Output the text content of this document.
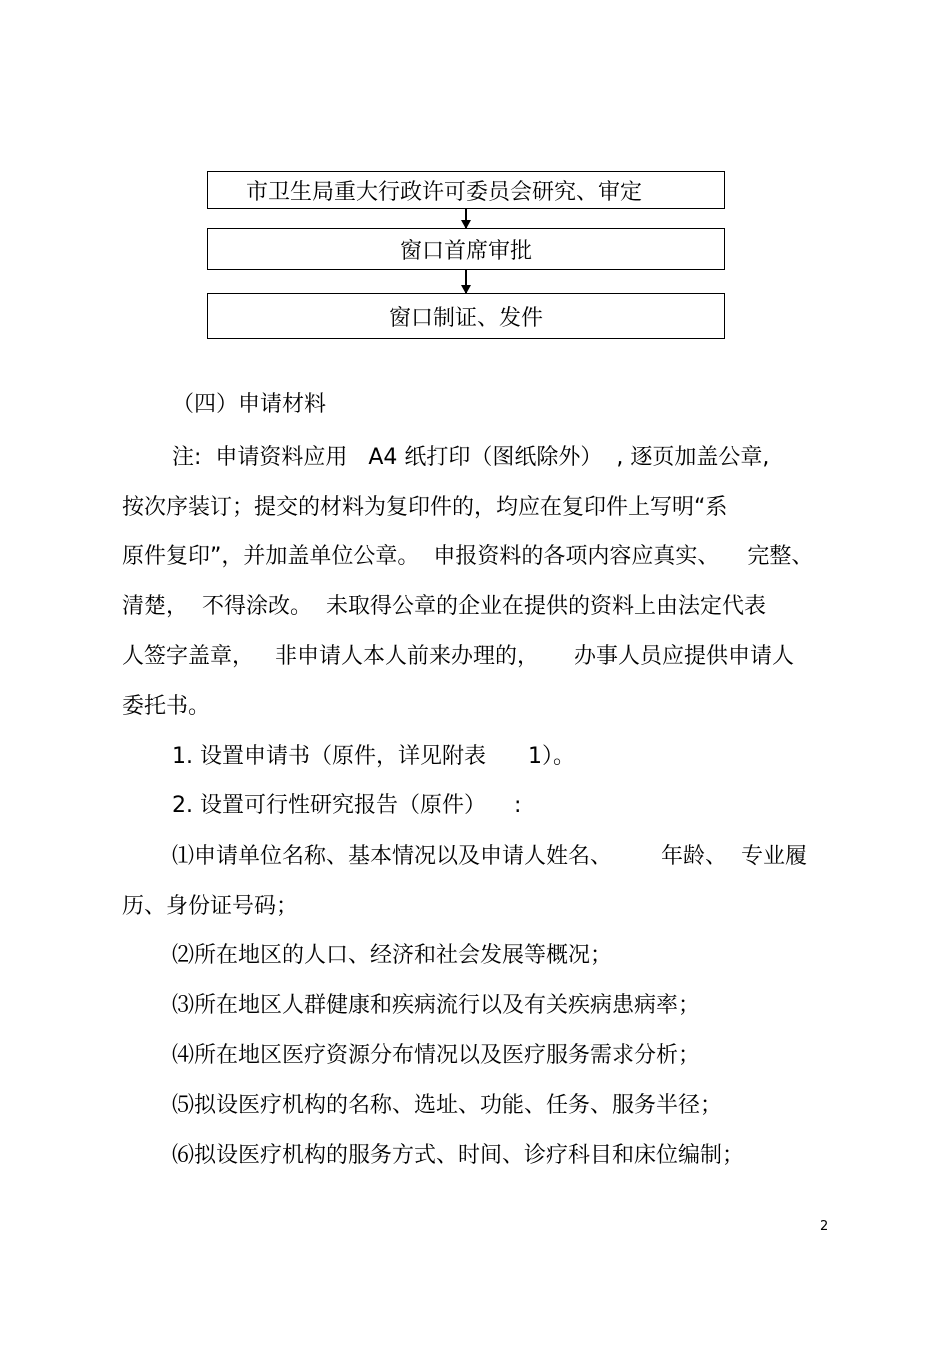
市卫生局重大行政许可委员会研究、审定
窗口首席审批
窗口制证、发件
（四）申请材料
注:  申请资料应用   A4 纸打印（图纸除外）  , 逐页加盖公章,
按次序装订；提交的材料为复印件的，均应在复印件上写明“系
原件复印”，并加盖单位公章。  申报资料的各项内容应真实、    完整、
清楚，  不得涂改。  未取得公章的企业在提供的资料上由法定代表
人签字盖章，   非申请人本人前来办理的，     办事人员应提供申请人
委托书。
1. 设置申请书（原件，详见附表      1）。
2. 设置可行性研究报告（原件）    :
⑴申请单位名称、基本情况以及申请人姓名、       年龄、  专业履
历、身份证号码；
⑵所在地区的人口、经济和社会发展等概况；
⑶所在地区人群健康和疾病流行以及有关疾病患病率；
⑷所在地区医疗资源分布情况以及医疗服务需求分析；
⑸拟设医疗机构的名称、选址、功能、任务、服务半径；
⑹拟设医疗机构的服务方式、时间、诊疗科目和床位编制；
2
